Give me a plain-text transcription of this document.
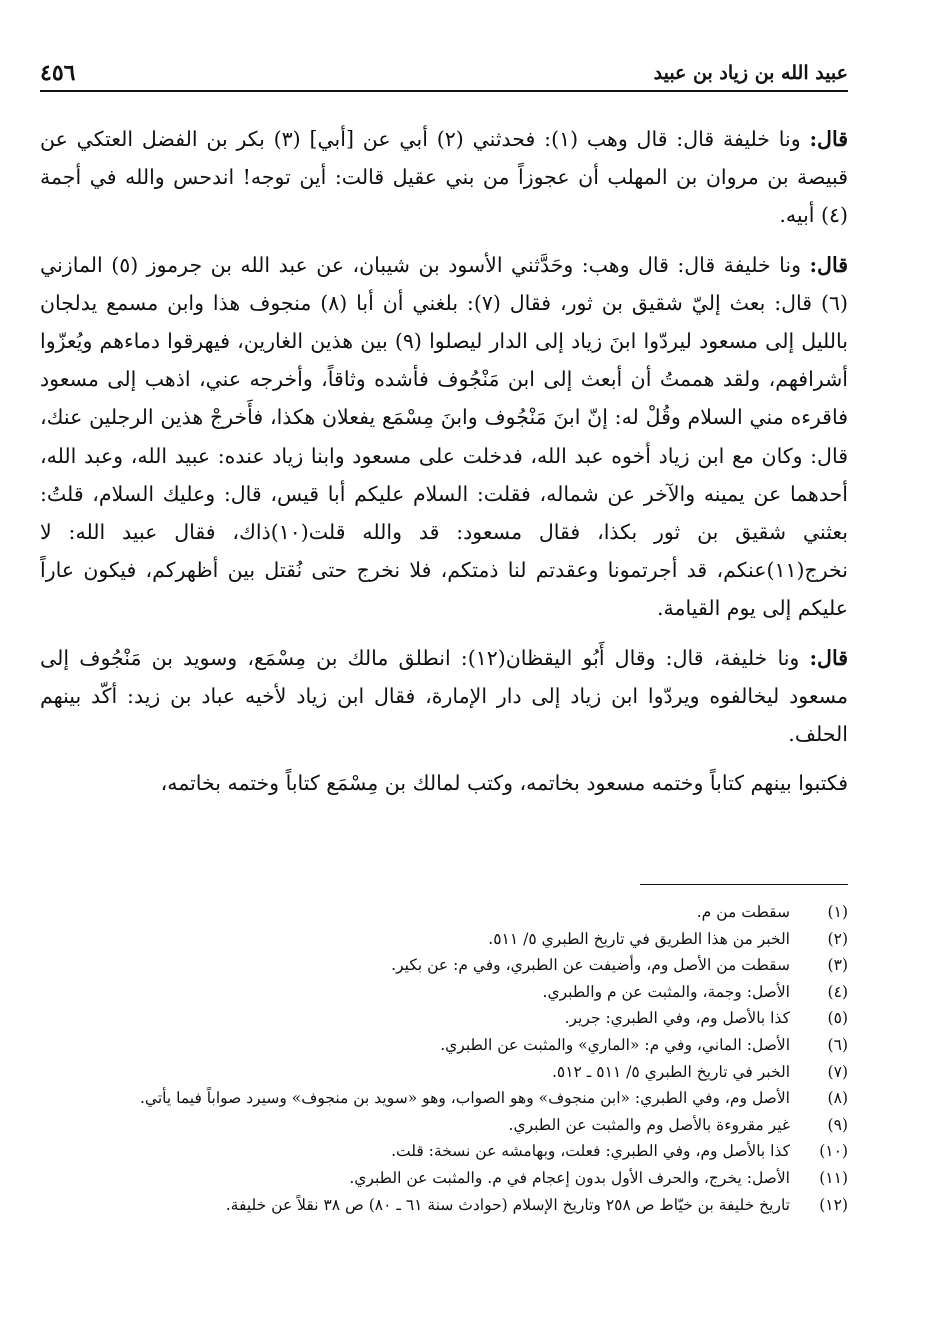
٤٥٦	عبيد الله بن زياد بن عبيد

قال: ونا خليفة قال: قال وهب (١): فحدثني (٢) أبي عن [أبي] (٣) بكر بن الفضل العتكي عن قبيصة بن مروان بن المهلب أن عجوزاً من بني عقيل قالت: أين توجه! اندحس والله في أجمة (٤) أبيه.

قال: ونا خليفة قال: قال وهب: وحَدَّثني الأسود بن شيبان، عن عبد الله بن جرموز (٥) المازني (٦) قال: بعث إليّ شقيق بن ثور، فقال (٧): بلغني أن أبا (٨) منجوف هذا وابن مسمع يدلجان بالليل إلى مسعود ليردّوا ابنَ زياد إلى الدار ليصلوا (٩) بين هذين الغارين، فيهرقوا دماءهم ويُعزّوا أشرافهم، ولقد هممتُ أن أبعث إلى ابن مَنْجُوف فأشده وثاقاً، وأخرجه عني، اذهب إلى مسعود فاقرءه مني السلام وقُلْ له: إنّ ابنَ مَنْجُوف وابنَ مِسْمَع يفعلان هكذا، فأَخرجْ هذين الرجلين عنك، قال: وكان مع ابن زياد أخوه عبد الله، فدخلت على مسعود وابنا زياد عنده: عبيد الله، وعبد الله، أحدهما عن يمينه والآخر عن شماله، فقلت: السلام عليكم أبا قيس، قال: وعليك السلام، قلتُ: بعثني شقيق بن ثور بكذا، فقال مسعود: قد والله قلت(١٠)ذاك، فقال عبيد الله: لا نخرج(١١)عنكم، قد أجرتمونا وعقدتم لنا ذمتكم، فلا نخرج حتى نُقتل بين أظهركم، فيكون عاراً عليكم إلى يوم القيامة.

قال: ونا خليفة، قال: وقال أَبُو اليقظان(١٢): انطلق مالك بن مِسْمَع، وسويد بن مَنْجُوف إلى مسعود ليخالفوه ويردّوا ابن زياد إلى دار الإمارة، فقال ابن زياد لأخيه عباد بن زيد: أكّد بينهم الحلف.

فكتبوا بينهم كتاباً وختمه مسعود بخاتمه، وكتب لمالك بن مِسْمَع كتاباً وختمه بخاتمه،

(١)
سقطت من م.
(٢)
الخبر من هذا الطريق في تاريخ الطبري ٥/ ٥١١.
(٣)
سقطت من الأصل وم، وأضيفت عن الطبري، وفي م: عن بكير.
(٤)
الأصل: وجمة، والمثبت عن م والطبري.
(٥)
كذا بالأصل وم، وفي الطبري: جرير.
(٦)
الأصل: الماني، وفي م: «الماري» والمثبت عن الطبري.
(٧)
الخبر في تاريخ الطبري ٥/ ٥١١ ـ ٥١٢.
(٨)
الأصل وم، وفي الطبري: «ابن منجوف» وهو الصواب، وهو «سويد بن منجوف» وسيرد صواباً فيما يأتي.
(٩)
غير مقروءة بالأصل وم والمثبت عن الطبري.
(١٠)
كذا بالأصل وم، وفي الطبري: فعلت، وبهامشه عن نسخة: قلت.
(١١)
الأصل: يخرج، والحرف الأول بدون إعجام في م. والمثبت عن الطبري.
(١٢)
تاريخ خليفة بن خيّاط ص ٢٥٨ وتاريخ الإسلام (حوادث سنة ٦١ ـ ٨٠) ص ٣٨ نقلاً عن خليفة.
